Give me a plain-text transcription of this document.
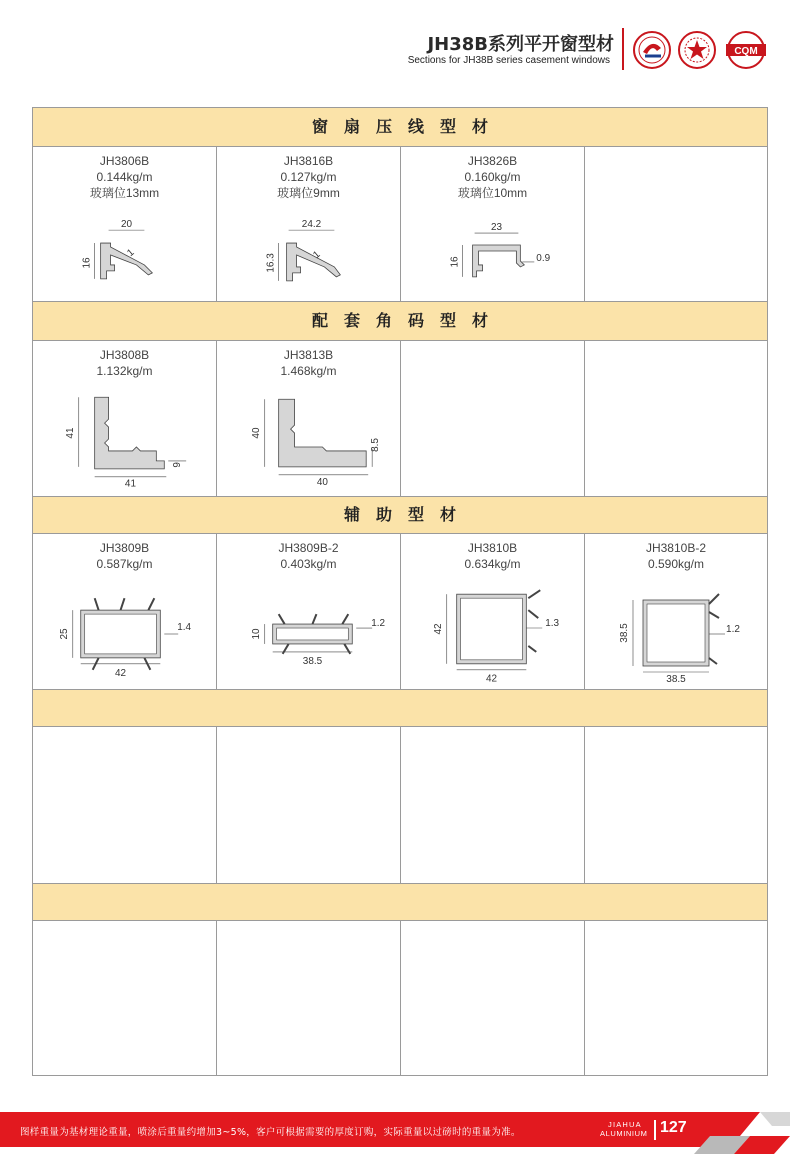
JH38B系列平开窗型材
Sections for JH38B series casement windows
CQM
窗扇压线型材
JH3806B
0.144kg/m
玻璃位13mm
20
16
1
JH3816B
0.127kg/m
玻璃位9mm
24.2
16.3	1
JH3826B
0.160kg/m
玻璃位10mm
23
16	0.9
配套角码型材
JH3808B
1.132kg/m
41
41
9
JH3813B
1.468kg/m
40
40
8.5
辅助型材
JH3809B
0.587kg/m
25
42
1.4
JH3809B-2
0.403kg/m
10
38.5
1.2
JH3810B
0.634kg/m
42
42
1.3
JH3810B-2
0.590kg/m
38.5
38.5
1.2
图样重量为基材理论重量，喷涂后重量约增加3~5%，客户可根据需要的厚度订购，实际重量以过磅时的重量为准。
JIAHUA
ALUMINIUM 127
